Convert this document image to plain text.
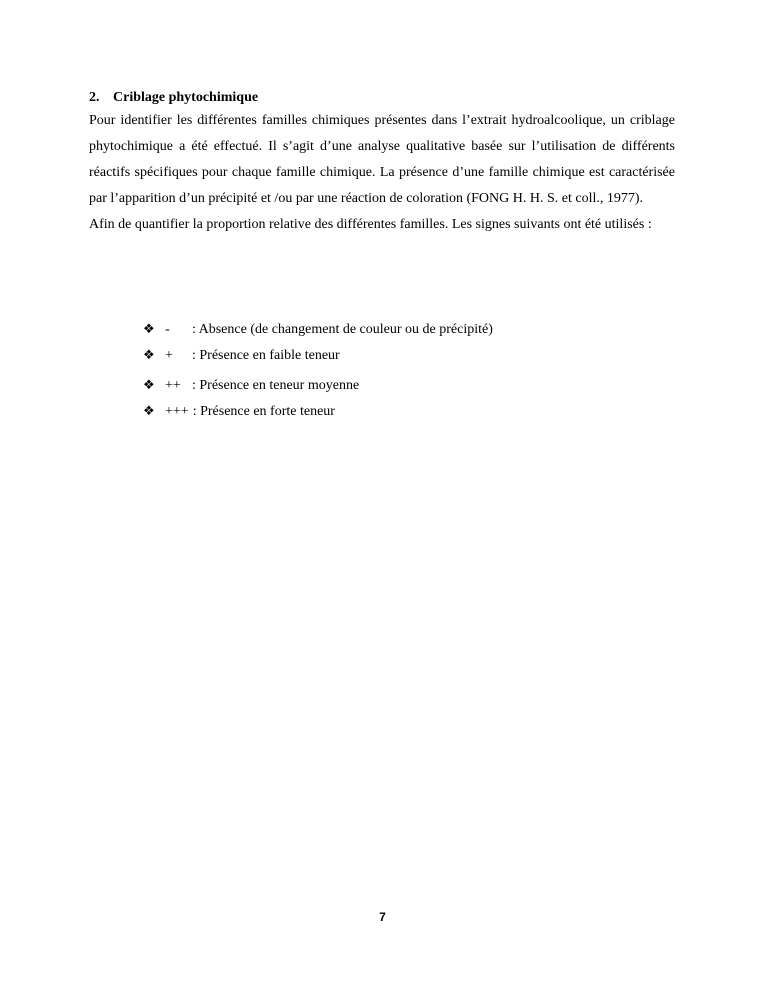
2. Criblage phytochimique

Pour identifier les différentes familles chimiques présentes dans l’extrait hydroalcoolique, un criblage phytochimique a été effectué. Il s’agit d’une analyse qualitative basée sur l’utilisation de différents réactifs spécifiques pour chaque famille chimique. La présence d’une famille chimique est caractérisée par l’apparition d’un précipité et /ou par une réaction de coloration (FONG H. H. S. et coll., 1977).

Afin de quantifier la proportion relative des différentes familles. Les signes suivants ont été utilisés :

❖ - : Absence (de changement de couleur ou de précipité)
❖ + : Présence en faible teneur
❖ ++ : Présence en teneur moyenne
❖ +++ : Présence en forte teneur
7
